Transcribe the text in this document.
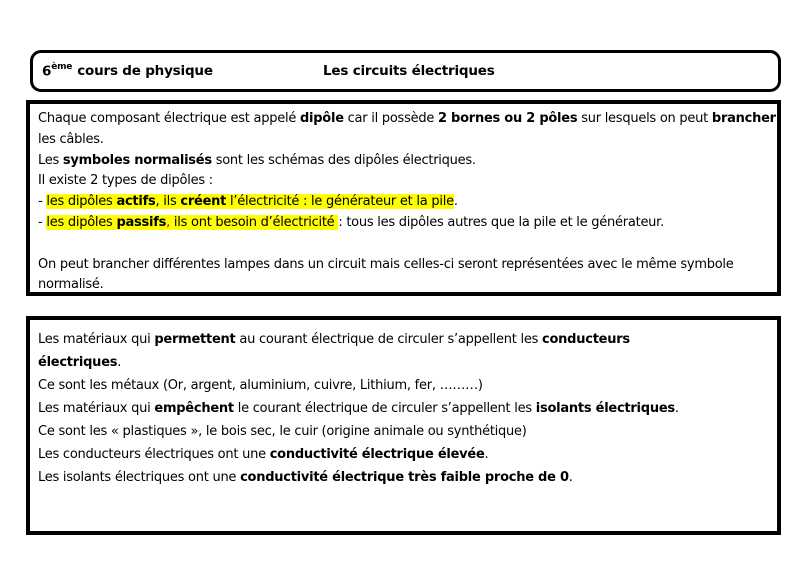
6ème cours de physique	Les circuits électriques
Chaque composant électrique est appelé dipôle car il possède 2 bornes ou 2 pôles sur lesquels on peut brancher
les câbles.
Les symboles normalisés sont les schémas des dipôles électriques.
Il existe 2 types de dipôles :
- les dipôles actifs, ils créent l’électricité : le générateur et la pile.
- les dipôles passifs, ils ont besoin d’électricité : tous les dipôles autres que la pile et le générateur.

On peut brancher différentes lampes dans un circuit mais celles-ci seront représentées avec le même symbole
normalisé.
Les matériaux qui permettent au courant électrique de circuler s’appellent les conducteurs
électriques.
Ce sont les métaux (Or, argent, aluminium, cuivre, Lithium, fer, ………)
Les matériaux qui empêchent le courant électrique de circuler s’appellent les isolants électriques.
Ce sont les « plastiques », le bois sec, le cuir (origine animale ou synthétique)
Les conducteurs électriques ont une conductivité électrique élevée.
Les isolants électriques ont une conductivité électrique très faible proche de 0.
